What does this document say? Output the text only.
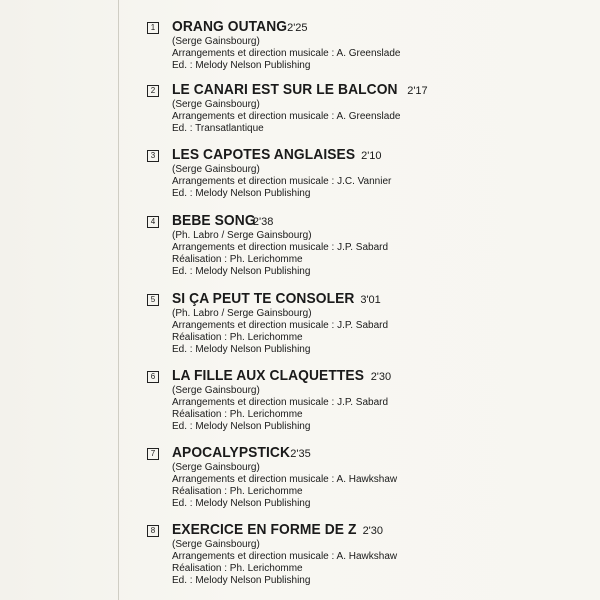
1 ORANG OUTANG 2'25
(Serge Gainsbourg)
Arrangements et direction musicale : A. Greenslade
Ed. : Melody Nelson Publishing
2 LE CANARI EST SUR LE BALCON 2'17
(Serge Gainsbourg)
Arrangements et direction musicale : A. Greenslade
Ed. : Transatlantique
3 LES CAPOTES ANGLAISES 2'10
(Serge Gainsbourg)
Arrangements et direction musicale : J.C. Vannier
Ed. : Melody Nelson Publishing
4 BEBE SONG
2'38
(Ph. Labro / Serge Gainsbourg)
Arrangements et direction musicale : J.P. Sabard
Réalisation : Ph. Lerichomme
Ed. : Melody Nelson Publishing
5 SI ÇA PEUT TE CONSOLER 3'01
(Ph. Labro / Serge Gainsbourg)
Arrangements et direction musicale : J.P. Sabard
Réalisation : Ph. Lerichomme
Ed. : Melody Nelson Publishing
6 LA FILLE AUX CLAQUETTES 2'30
(Serge Gainsbourg)
Arrangements et direction musicale : J.P. Sabard
Réalisation : Ph. Lerichomme
Ed. : Melody Nelson Publishing
7 APOCALYPSTICK 2'35
(Serge Gainsbourg)
Arrangements et direction musicale : A. Hawkshaw
Réalisation : Ph. Lerichomme
Ed. : Melody Nelson Publishing
8 EXERCICE EN FORME DE Z 2'30
(Serge Gainsbourg)
Arrangements et direction musicale : A. Hawkshaw
Réalisation : Ph. Lerichomme
Ed. : Melody Nelson Publishing
